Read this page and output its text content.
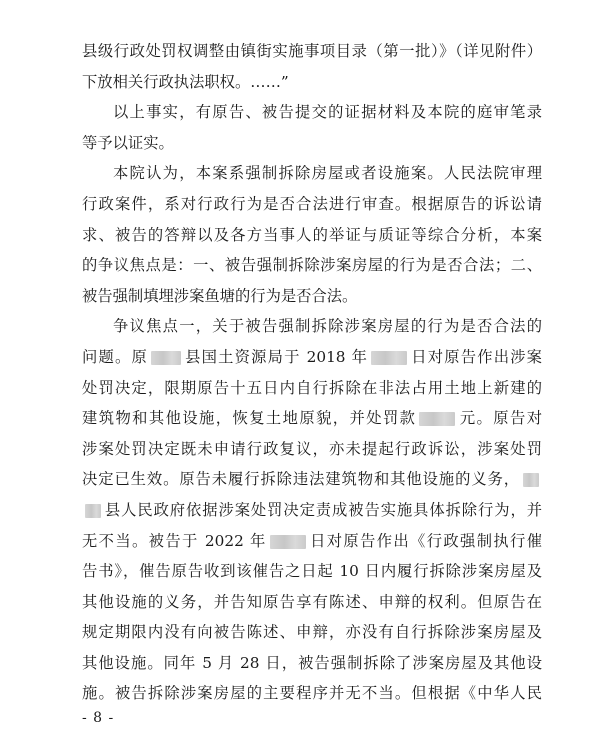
县级行政处罚权调整由镇街实施事项目录（第一批）》（详见附件）
下放相关行政执法职权。……”
以上事实，有原告、被告提交的证据材料及本院的庭审笔录
等予以证实。
本院认为，本案系强制拆除房屋或者设施案。人民法院审理
行政案件，系对行政行为是否合法进行审查。根据原告的诉讼请
求、被告的答辩以及各方当事人的举证与质证等综合分析，本案
的争议焦点是：一、被告强制拆除涉案房屋的行为是否合法；二、
被告强制填埋涉案鱼塘的行为是否合法。
争议焦点一，关于被告强制拆除涉案房屋的行为是否合法的
问题。原 县国土资源局于 2018 年	日对原告作出涉案
处罚决定，限期原告十五日内自行拆除在非法占用土地上新建的
建筑物和其他设施，恢复土地原貌，并处罚款	元。原告对
涉案处罚决定既未申请行政复议，亦未提起行政诉讼，涉案处罚
决定已生效。原告未履行拆除违法建筑物和其他设施的义务，
县人民政府依据涉案处罚决定责成被告实施具体拆除行为，并
无不当。被告于 2022 年	日对原告作出《行政强制执行催
告书》，催告原告收到该催告之日起 10 日内履行拆除涉案房屋及
其他设施的义务，并告知原告享有陈述、申辩的权利。但原告在
规定期限内没有向被告陈述、申辩，亦没有自行拆除涉案房屋及
其他设施。同年 5 月 28 日，被告强制拆除了涉案房屋及其他设
施。被告拆除涉案房屋的主要程序并无不当。但根据《中华人民
- 8 -
